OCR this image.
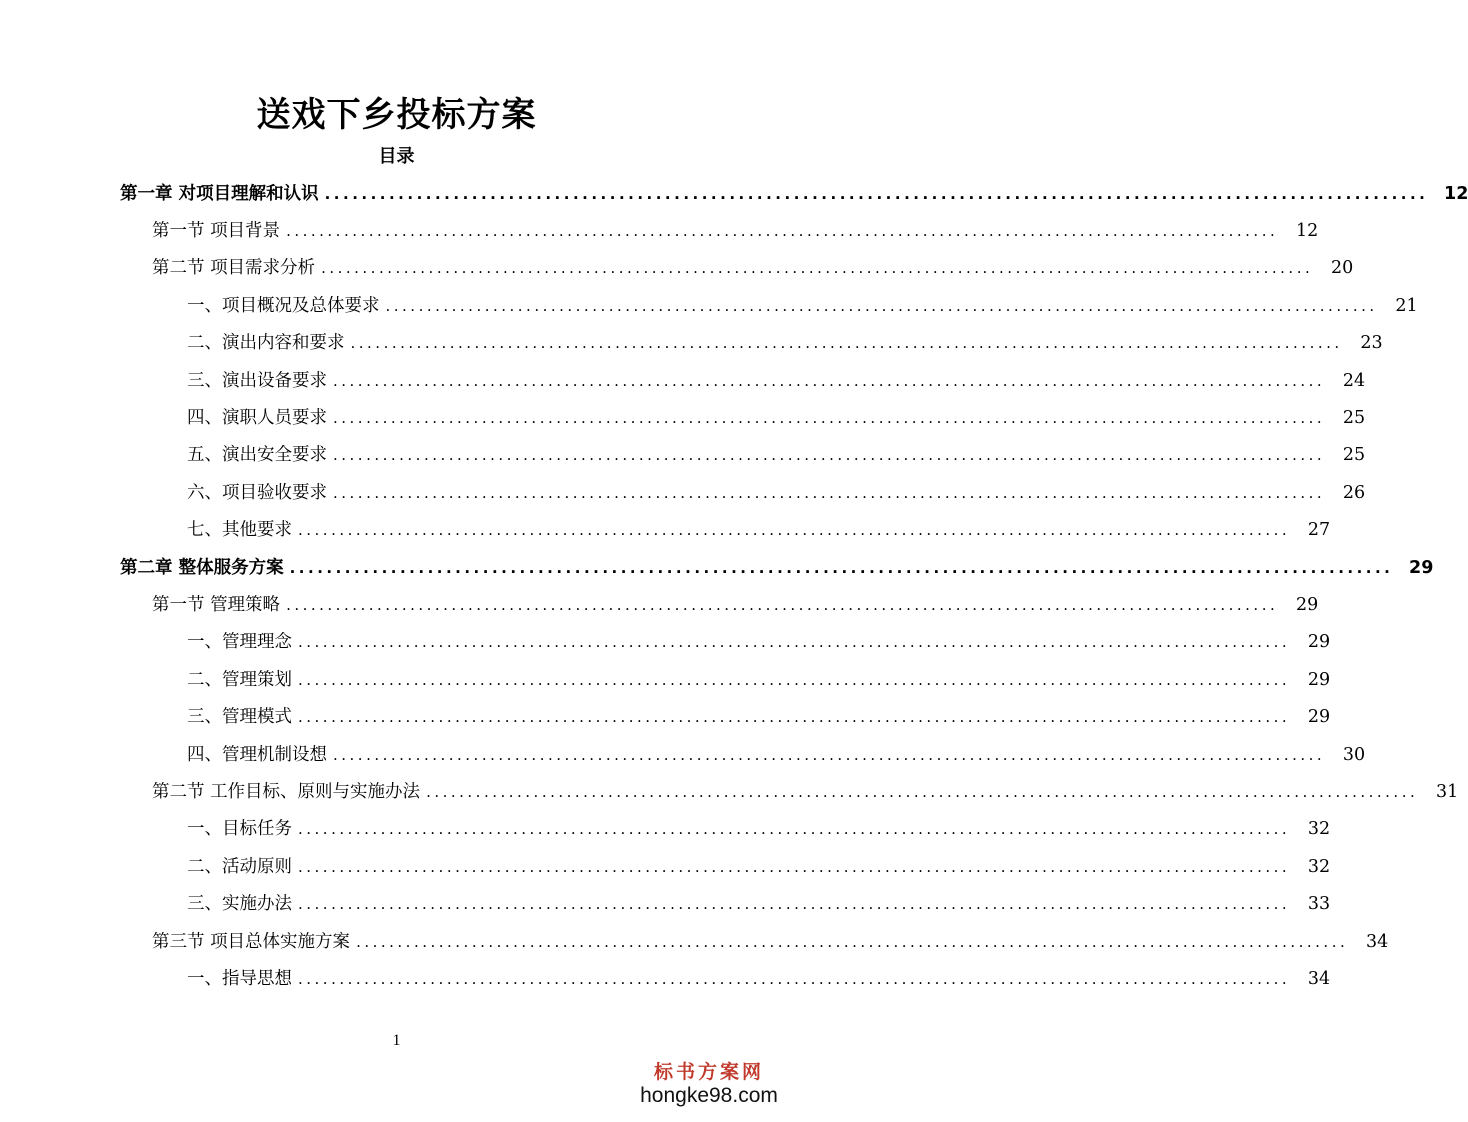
送戏下乡投标方案
目录
第一章 对项目理解和认识 ........................................................................................................................ 12
第一节 项目背景 ........................................................................................................................	12
第二节 项目需求分析 ........................................................................................................................	20
一、项目概况及总体要求 ........................................................................................................................	21
二、演出内容和要求 ........................................................................................................................	23
三、演出设备要求 ........................................................................................................................	24
四、演职人员要求 ........................................................................................................................	25
五、演出安全要求 ........................................................................................................................	25
六、项目验收要求 ........................................................................................................................	26
七、其他要求 ........................................................................................................................	27
第二章 整体服务方案 ........................................................................................................................ 29
第一节 管理策略 ........................................................................................................................	29
一、管理理念 ........................................................................................................................	29
二、管理策划 ........................................................................................................................	29
三、管理模式 ........................................................................................................................	29
四、管理机制设想 ........................................................................................................................	30
第二节 工作目标、原则与实施办法 ........................................................................................................................	31
一、目标任务 ........................................................................................................................	32
二、活动原则 ........................................................................................................................	32
三、实施办法 ........................................................................................................................	33
第三节 项目总体实施方案 ........................................................................................................................	34
一、指导思想 ........................................................................................................................	34
1
标书方案网
hongke98.com
